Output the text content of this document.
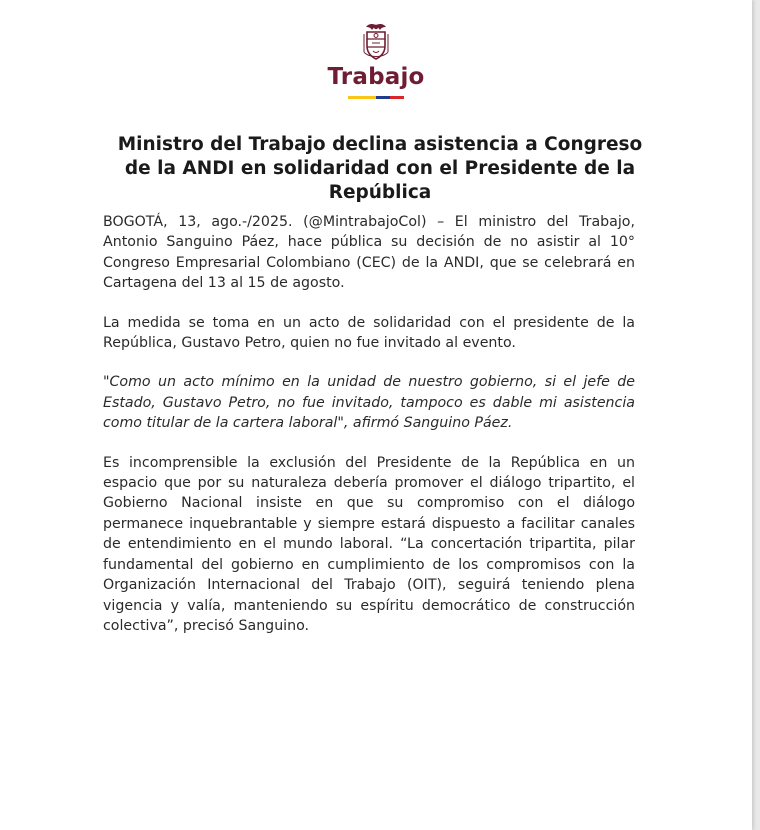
Trabajo
Ministro del Trabajo declina asistencia a Congreso de la ANDI en solidaridad con el Presidente de la República

BOGOTÁ, 13, ago.-/2025. (@MintrabajoCol) – El ministro del Trabajo, Antonio Sanguino Páez, hace pública su decisión de no asistir al 10° Congreso Empresarial Colombiano (CEC) de la ANDI, que se celebrará en Cartagena del 13 al 15 de agosto.

La medida se toma en un acto de solidaridad con el presidente de la República, Gustavo Petro, quien no fue invitado al evento.

"Como un acto mínimo en la unidad de nuestro gobierno, si el jefe de Estado, Gustavo Petro, no fue invitado, tampoco es dable mi asistencia como titular de la cartera laboral", afirmó Sanguino Páez.

Es incomprensible la exclusión del Presidente de la República en un espacio que por su naturaleza debería promover el diálogo tripartito, el Gobierno Nacional insiste en que su compromiso con el diálogo permanece inquebrantable y siempre estará dispuesto a facilitar canales de entendimiento en el mundo laboral. “La concertación tripartita, pilar fundamental del gobierno en cumplimiento de los compromisos con la Organización Internacional del Trabajo (OIT), seguirá teniendo plena vigencia y valía, manteniendo su espíritu democrático de construcción colectiva”, precisó Sanguino.
